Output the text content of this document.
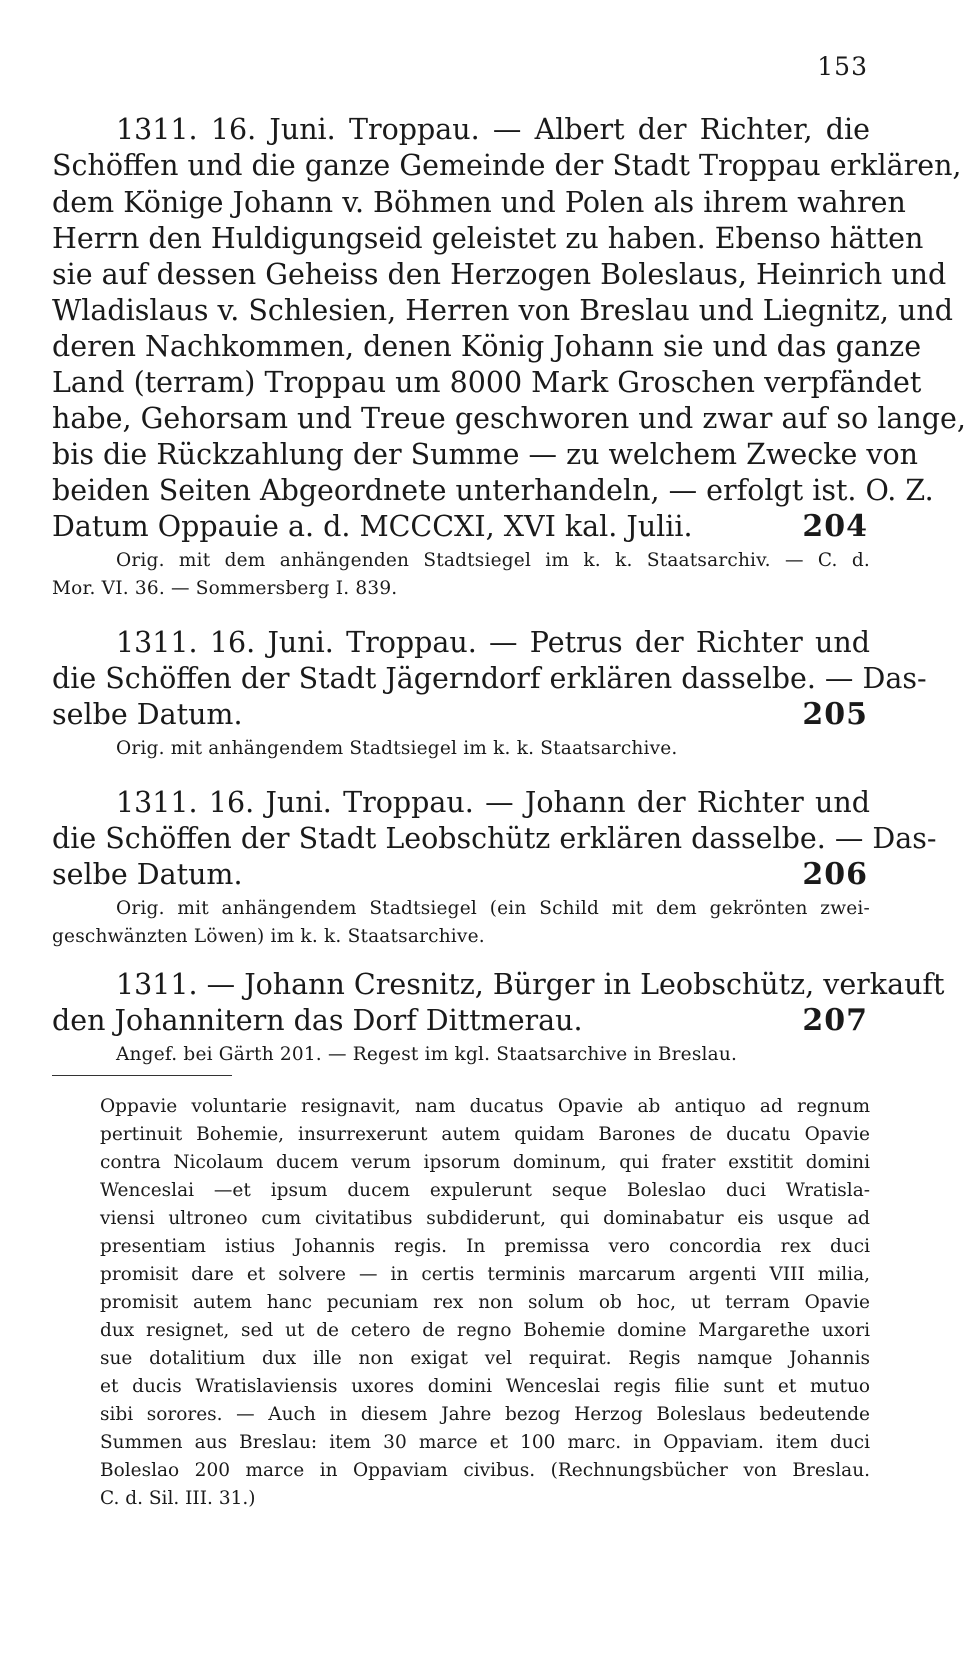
153
1311. 16. Juni. Troppau. — Albert der Richter, die
Schöffen und die ganze Gemeinde der Stadt Troppau erklären,
dem Könige Johann v. Böhmen und Polen als ihrem wahren
Herrn den Huldigungseid geleistet zu haben. Ebenso hätten
sie auf dessen Geheiss den Herzogen Boleslaus, Heinrich und
Wladislaus v. Schlesien, Herren von Breslau und Liegnitz, und
deren Nachkommen, denen König Johann sie und das ganze
Land (terram) Troppau um 8000 Mark Groschen verpfändet
habe, Gehorsam und Treue geschworen und zwar auf so lange,
bis die Rückzahlung der Summe — zu welchem Zwecke von
beiden Seiten Abgeordnete unterhandeln, — erfolgt ist. O. Z.
Datum Oppauie a. d. MCCCXI, XVI kal. Julii.	204
Orig. mit dem anhängenden Stadtsiegel im k. k. Staatsarchiv. — C. d.
Mor. VI. 36. — Sommersberg I. 839.
1311. 16. Juni. Troppau. — Petrus der Richter und
die Schöffen der Stadt Jägerndorf erklären dasselbe. — Das-
selbe Datum.	205
Orig. mit anhängendem Stadtsiegel im k. k. Staatsarchive.
1311. 16. Juni. Troppau. — Johann der Richter und
die Schöffen der Stadt Leobschütz erklären dasselbe. — Das-
selbe Datum.	206
Orig. mit anhängendem Stadtsiegel (ein Schild mit dem gekrönten zwei-
geschwänzten Löwen) im k. k. Staatsarchive.
1311. — Johann Cresnitz, Bürger in Leobschütz, verkauft
den Johannitern das Dorf Dittmerau.	207
Angef. bei Gärth 201. — Regest im kgl. Staatsarchive in Breslau.
Oppavie voluntarie resignavit, nam ducatus Opavie ab antiquo ad regnum
pertinuit Bohemie, insurrexerunt autem quidam Barones de ducatu Opavie
contra Nicolaum ducem verum ipsorum dominum, qui frater exstitit domini
Wenceslai —et ipsum ducem expulerunt seque Boleslao duci Wratisla-
viensi ultroneo cum civitatibus subdiderunt, qui dominabatur eis usque ad
presentiam istius Johannis regis. In premissa vero concordia rex duci
promisit dare et solvere — in certis terminis marcarum argenti VIII milia,
promisit autem hanc pecuniam rex non solum ob hoc, ut terram Opavie
dux resignet, sed ut de cetero de regno Bohemie domine Margarethe uxori
sue dotalitium dux ille non exigat vel requirat. Regis namque Johannis
et ducis Wratislaviensis uxores domini Wenceslai regis filie sunt et mutuo
sibi sorores. — Auch in diesem Jahre bezog Herzog Boleslaus bedeutende
Summen aus Breslau: item 30 marce et 100 marc. in Oppaviam. item duci
Boleslao 200 marce in Oppaviam civibus. (Rechnungsbücher von Breslau.
C. d. Sil. III. 31.)
